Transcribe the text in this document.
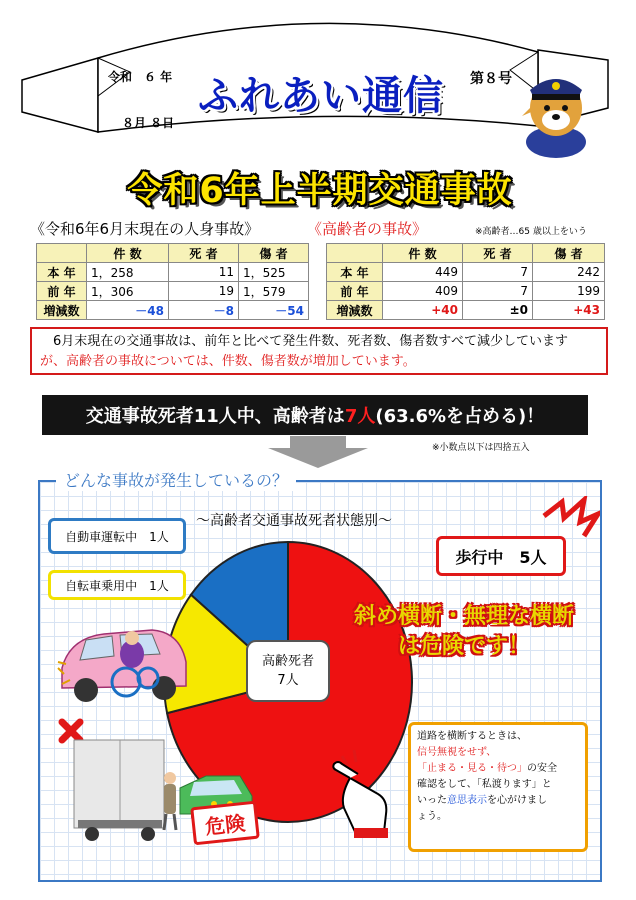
令和　６ 年
８月 ８日
ふれあい通信	第８号
令和6年上半期交通事故
《令和6年6月末現在の人身事故》	《高齢者の事故》	※高齢者…65 歳以上をいう
	件 数	死 者	傷 者
本 年	1，258	11	1，525
前 年	1，306	19	1，579
増減数	－48	－8	－54
	件 数	死 者	傷 者
本 年	449	7	242
前 年	409	7	199
増減数	+40	±0	+43
　6月末現在の交通事故は、前年と比べて発生件数、死者数、傷者数すべて減少しています
が、高齢者の事故については、件数、傷者数が増加しています。
交通事故死者11人中、高齢者は 7人 (63.6%を占める)！
※小数点以下は四捨五入
どんな事故が発生しているの？
～高齢者交通事故死者状態別～
自動車運転中　1人
自転車乗用中　1人
歩行中　5人
高齢死者
7人
斜め横断・無理な横断
は危険です！
危険
道路を横断するときは、
信号無視をせず、
「止まる・見る・待つ」の安全
確認をして、「私渡ります」と
いった意思表示を心がけまし
ょう。
